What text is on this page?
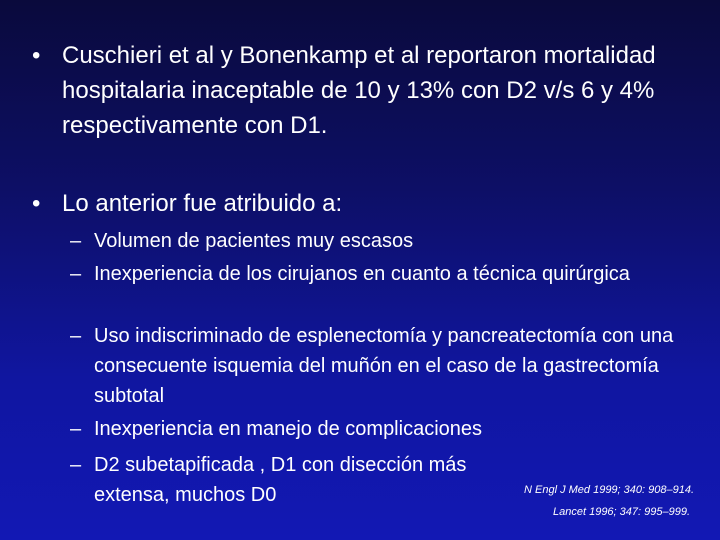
• Cuschieri et al y Bonenkamp et al reportaron mortalidad hospitalaria inaceptable de 10 y 13% con D2 v/s 6 y 4% respectivamente con D1.
• Lo anterior fue atribuido a:
– Volumen de pacientes muy escasos
– Inexperiencia de los cirujanos en cuanto a técnica quirúrgica
– Uso indiscriminado de esplenectomía y pancreatectomía con una consecuente isquemia del muñón en el caso de la gastrectomía subtotal
– Inexperiencia en manejo de complicaciones
– D2 subetapificada , D1 con disección más extensa, muchos D0	N Engl J Med 1999; 340: 908–914.
Lancet 1996; 347: 995–999.
